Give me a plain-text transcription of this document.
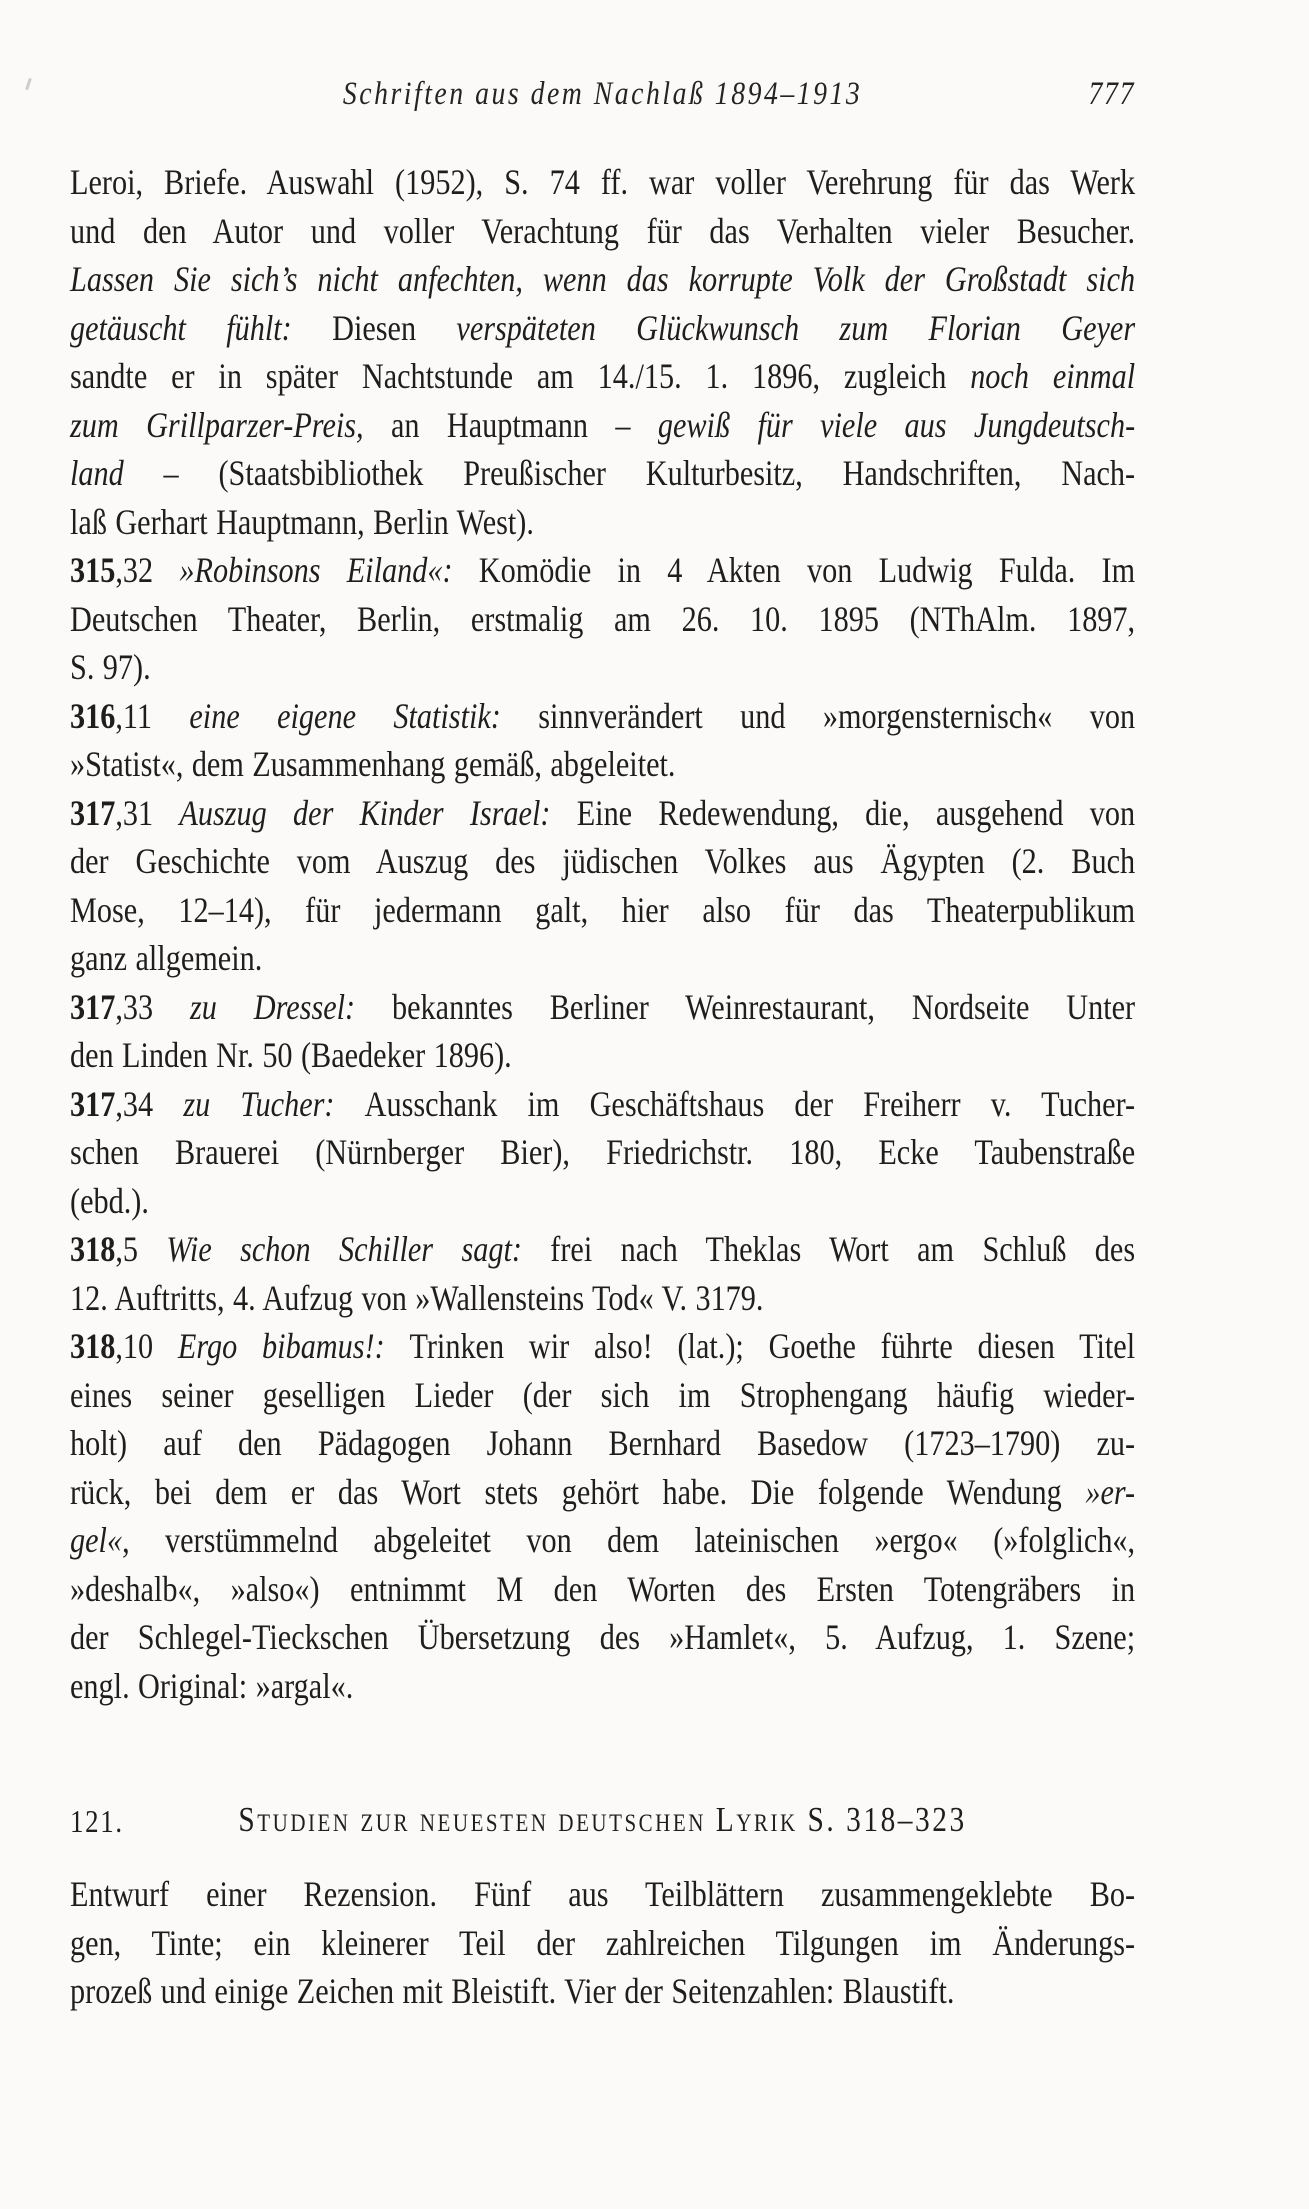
Schriften aus dem Nachlaß 1894–1913	777
Leroi, Briefe. Auswahl (1952), S. 74 ff. war voller Verehrung für das Werk
und den Autor und voller Verachtung für das Verhalten vieler Besucher.
Lassen Sie sich’s nicht anfechten, wenn das korrupte Volk der Großstadt sich
getäuscht fühlt: Diesen verspäteten Glückwunsch zum Florian Geyer
sandte er in später Nachtstunde am 14./15. 1. 1896, zugleich noch einmal
zum Grillparzer-Preis, an Hauptmann – gewiß für viele aus Jungdeutsch-
land – (Staatsbibliothek Preußischer Kulturbesitz, Handschriften, Nach-
laß Gerhart Hauptmann, Berlin West).
315,32 »Robinsons Eiland«: Komödie in 4 Akten von Ludwig Fulda. Im
Deutschen Theater, Berlin, erstmalig am 26. 10. 1895 (NThAlm. 1897,
S. 97).
316,11 eine eigene Statistik: sinnverändert und »morgensternisch« von
»Statist«, dem Zusammenhang gemäß, abgeleitet.
317,31 Auszug der Kinder Israel: Eine Redewendung, die, ausgehend von
der Geschichte vom Auszug des jüdischen Volkes aus Ägypten (2. Buch
Mose, 12–14), für jedermann galt, hier also für das Theaterpublikum
ganz allgemein.
317,33 zu Dressel: bekanntes Berliner Weinrestaurant, Nordseite Unter
den Linden Nr. 50 (Baedeker 1896).
317,34 zu Tucher: Ausschank im Geschäftshaus der Freiherr v. Tucher-
schen Brauerei (Nürnberger Bier), Friedrichstr. 180, Ecke Taubenstraße
(ebd.).
318,5 Wie schon Schiller sagt: frei nach Theklas Wort am Schluß des
12. Auftritts, 4. Aufzug von »Wallensteins Tod« V. 3179.
318,10 Ergo bibamus!: Trinken wir also! (lat.); Goethe führte diesen Titel
eines seiner geselligen Lieder (der sich im Strophengang häufig wieder-
holt) auf den Pädagogen Johann Bernhard Basedow (1723–1790) zu-
rück, bei dem er das Wort stets gehört habe. Die folgende Wendung »er-
gel«, verstümmelnd abgeleitet von dem lateinischen »ergo« (»folglich«,
»deshalb«, »also«) entnimmt M den Worten des Ersten Totengräbers in
der Schlegel-Tieckschen Übersetzung des »Hamlet«, 5. Aufzug, 1. Szene;
engl. Original: »argal«.
121.	Studien zur neuesten deutschen Lyrik S. 318–323
Entwurf einer Rezension. Fünf aus Teilblättern zusammengeklebte Bo-
gen, Tinte; ein kleinerer Teil der zahlreichen Tilgungen im Änderungs-
prozeß und einige Zeichen mit Bleistift. Vier der Seitenzahlen: Blaustift.
